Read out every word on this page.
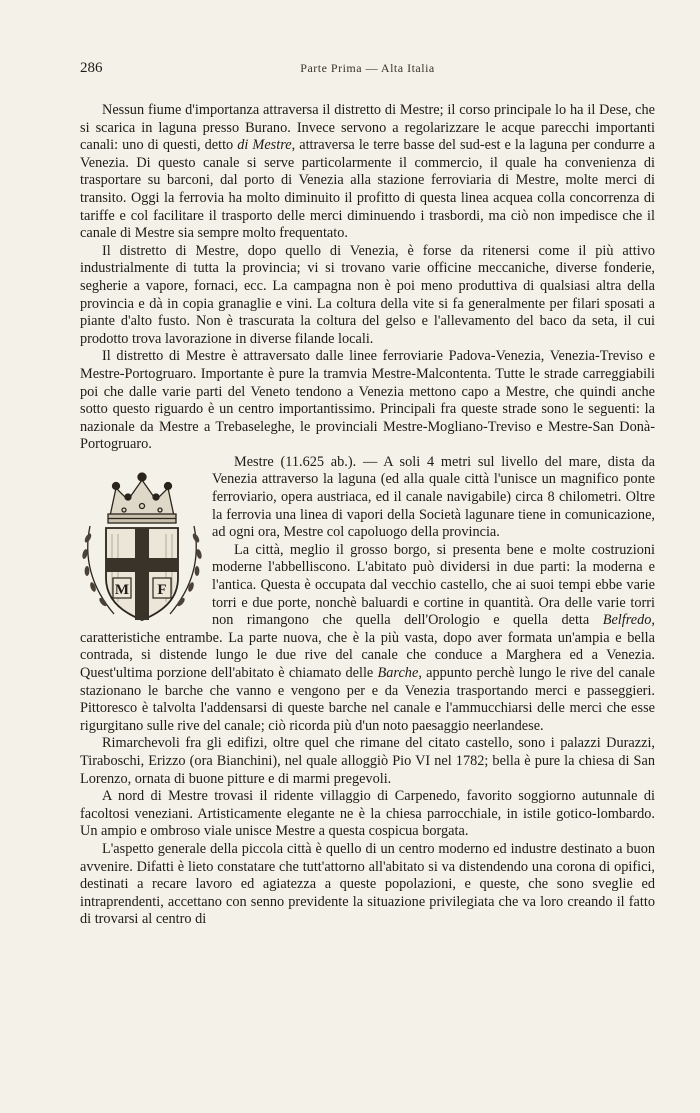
286	Parte Prima — Alta Italia

Nessun fiume d'importanza attraversa il distretto di Mestre; il corso principale lo ha il Dese, che si scarica in laguna presso Burano. Invece servono a regolarizzare le acque parecchi importanti canali: uno di questi, detto di Mestre, attraversa le terre basse del sud-est e la laguna per condurre a Venezia. Di questo canale si serve particolarmente il commercio, il quale ha convenienza di trasportare su barconi, dal porto di Venezia alla stazione ferroviaria di Mestre, molte merci di transito. Oggi la ferrovia ha molto diminuito il profitto di questa linea acquea colla concorrenza di tariffe e col facilitare il trasporto delle merci diminuendo i trasbordi, ma ciò non impedisce che il canale di Mestre sia sempre molto frequentato.

Il distretto di Mestre, dopo quello di Venezia, è forse da ritenersi come il più attivo industrialmente di tutta la provincia; vi si trovano varie officine meccaniche, diverse fonderie, segherie a vapore, fornaci, ecc. La campagna non è poi meno produttiva di qualsiasi altra della provincia e dà in copia granaglie e vini. La coltura della vite si fa generalmente per filari sposati a piante d'alto fusto. Non è trascurata la coltura del gelso e l'allevamento del baco da seta, il cui prodotto trova lavorazione in diverse filande locali.

Il distretto di Mestre è attraversato dalle linee ferroviarie Padova-Venezia, Venezia-Treviso e Mestre-Portogruaro. Importante è pure la tramvia Mestre-Malcontenta. Tutte le strade carreggiabili poi che dalle varie parti del Veneto tendono a Venezia mettono capo a Mestre, che quindi anche sotto questo riguardo è un centro importantissimo. Principali fra queste strade sono le seguenti: la nazionale da Mestre a Trebaseleghe, le provinciali Mestre-Mogliano-Treviso e Mestre-San Donà-Portogruaro.

M F
Mestre (11.625 ab.). — A soli 4 metri sul livello del mare, dista da Venezia attraverso la laguna (ed alla quale città l'unisce un magnifico ponte ferroviario, opera austriaca, ed il canale navigabile) circa 8 chilometri. Oltre la ferrovia una linea di vapori della Società lagunare tiene in comunicazione, ad ogni ora, Mestre col capoluogo della provincia.

La città, meglio il grosso borgo, si presenta bene e molte costruzioni moderne l'abbelliscono. L'abitato può dividersi in due parti: la moderna e l'antica. Questa è occupata dal vecchio castello, che ai suoi tempi ebbe varie torri e due porte, nonchè baluardi e cortine in quantità. Ora delle varie torri non rimangono che quella dell'Orologio e quella detta Belfredo, caratteristiche entrambe. La parte nuova, che è la più vasta, dopo aver formata un'ampia e bella contrada, si distende lungo le due rive del canale che conduce a Marghera ed a Venezia. Quest'ultima porzione dell'abitato è chiamato delle Barche, appunto perchè lungo le rive del canale stazionano le barche che vanno e vengono per e da Venezia trasportando merci e passeggieri. Pittoresco è talvolta l'addensarsi di queste barche nel canale e l'ammucchiarsi delle merci che esse rigurgitano sulle rive del canale; ciò ricorda più d'un noto paesaggio neerlandese.

Rimarchevoli fra gli edifizi, oltre quel che rimane del citato castello, sono i palazzi Durazzi, Tiraboschi, Erizzo (ora Bianchini), nel quale alloggiò Pio VI nel 1782; bella è pure la chiesa di San Lorenzo, ornata di buone pitture e di marmi pregevoli.

A nord di Mestre trovasi il ridente villaggio di Carpenedo, favorito soggiorno autunnale di facoltosi veneziani. Artisticamente elegante ne è la chiesa parrocchiale, in istile gotico-lombardo. Un ampio e ombroso viale unisce Mestre a questa cospicua borgata.

L'aspetto generale della piccola città è quello di un centro moderno ed industre destinato a buon avvenire. Difatti è lieto constatare che tutt'attorno all'abitato si va distendendo una corona di opifici, destinati a recare lavoro ed agiatezza a queste popolazioni, e queste, che sono sveglie ed intraprendenti, accettano con senno previdente la situazione privilegiata che va loro creando il fatto di trovarsi al centro di
